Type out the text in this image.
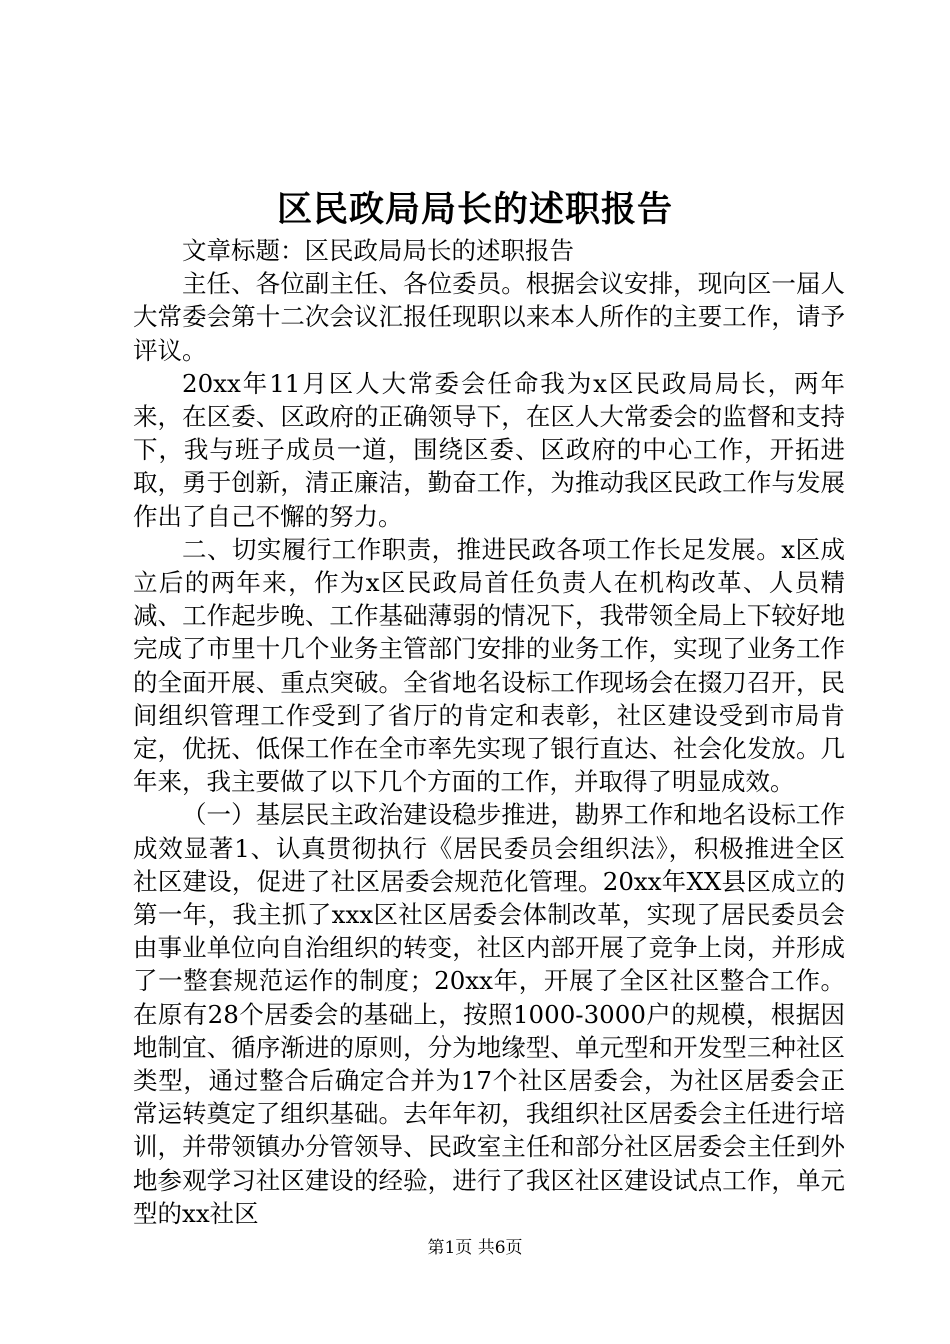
区民政局局长的述职报告

文章标题：区民政局局长的述职报告

主任、各位副主任、各位委员。根据会议安排，现向区一届人大常委会第十二次会议汇报任现职以来本人所作的主要工作，请予评议。

20xx年11月区人大常委会任命我为x区民政局局长，两年来，在区委、区政府的正确领导下，在区人大常委会的监督和支持下，我与班子成员一道，围绕区委、区政府的中心工作，开拓进取，勇于创新，清正廉洁，勤奋工作，为推动我区民政工作与发展作出了自己不懈的努力。

二、切实履行工作职责，推进民政各项工作长足发展。x区成立后的两年来，作为x区民政局首任负责人在机构改革、人员精减、工作起步晚、工作基础薄弱的情况下，我带领全局上下较好地完成了市里十几个业务主管部门安排的业务工作，实现了业务工作的全面开展、重点突破。全省地名设标工作现场会在掇刀召开，民间组织管理工作受到了省厅的肯定和表彰，社区建设受到市局肯定，优抚、低保工作在全市率先实现了银行直达、社会化发放。几年来，我主要做了以下几个方面的工作，并取得了明显成效。

（一）基层民主政治建设稳步推进，勘界工作和地名设标工作成效显著1、认真贯彻执行《居民委员会组织法》，积极推进全区社区建设，促进了社区居委会规范化管理。20xx年XX县区成立的第一年，我主抓了xxx区社区居委会体制改革，实现了居民委员会由事业单位向自治组织的转变，社区内部开展了竞争上岗，并形成了一整套规范运作的制度；20xx年，开展了全区社区整合工作。在原有28个居委会的基础上，按照1000-3000户的规模，根据因地制宜、循序渐进的原则，分为地缘型、单元型和开发型三种社区类型，通过整合后确定合并为17个社区居委会，为社区居委会正常运转奠定了组织基础。去年年初，我组织社区居委会主任进行培训，并带领镇办分管领导、民政室主任和部分社区居委会主任到外地参观学习社区建设的经验，进行了我区社区建设试点工作，单元型的xx社区

第1页 共6页
